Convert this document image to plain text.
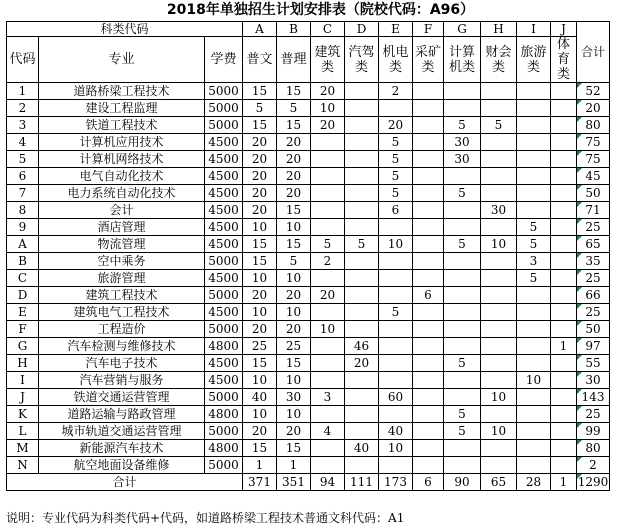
2018年单独招生计划安排表（院校代码：A96）
科类代码			A	B	C	D	E	F	G	H	I	J	合计
代码	专业	学费	普文	普理	建筑类	汽驾类	机电类	采矿类	计算机类	财会类	旅游类	体育类	
1	道路桥梁工程技术	5000	15	15	20		2						52
2	建设工程监理	5000	5	5	10								20
3	铁道工程技术	5000	15	15	20		20		5	5			80
4	计算机应用技术	4500	20	20			5		30				75
5	计算机网络技术	4500	20	20			5		30				75
6	电气自动化技术	4500	20	20			5						45
7	电力系统自动化技术	4500	20	20			5		5				50
8	会计	4500	20	15			6			30			71
9	酒店管理	4500	10	10							5		25
A	物流管理	4500	15	15	5	5	10		5	10	5		65
B	空中乘务	5000	15	5	2						3		35
C	旅游管理	4500	10	10							5		25
D	建筑工程技术	5000	20	20	20			6					66
E	建筑电气工程技术	4500	10	10			5						25
F	工程造价	5000	20	20	10								50
G	汽车检测与维修技术	4800	25	25		46						1	97
H	汽车电子技术	4500	15	15		20			5				55
I	汽车营销与服务	4500	10	10							10		30
J	铁道交通运营管理	5000	40	30	3		60			10			143
K	道路运输与路政管理	4800	10	10					5				25
L	城市轨道交通运营管理	5000	20	20	4		40		5	10			99
M	新能源汽车技术	4800	15	15		40	10						80
N	航空地面设备维修	5000	1	1									2
合计			371	351	94	111	173	6	90	65	28	1	1290
说明：专业代码为科类代码+代码，如道路桥梁工程技术普通文科代码：A1
